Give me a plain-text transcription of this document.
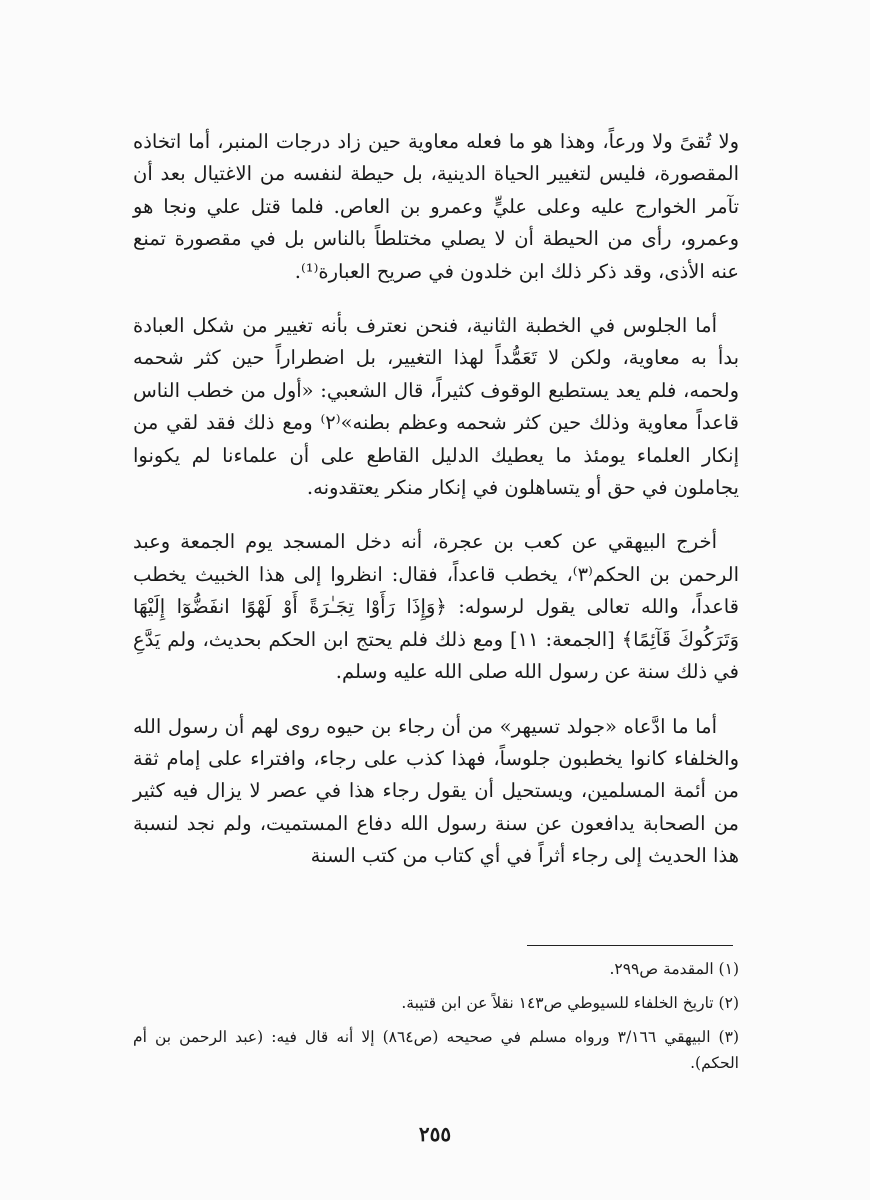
ولا تُقىً ولا ورعاً، وهذا هو ما فعله معاوية حين زاد درجات المنبر، أما اتخاذه المقصورة، فليس لتغيير الحياة الدينية، بل حيطة لنفسه من الاغتيال بعد أن تآمر الخوارج عليه وعلى عليٍّ وعمرو بن العاص. فلما قتل علي ونجا هو وعمرو، رأى من الحيطة أن لا يصلي مختلطاً بالناس بل في مقصورة تمنع عنه الأذى، وقد ذكر ذلك ابن خلدون في صريح العبارة⁽¹⁾.

أما الجلوس في الخطبة الثانية، فنحن نعترف بأنه تغيير من شكل العبادة بدأ به معاوية، ولكن لا تَعَمُّداً لهذا التغيير، بل اضطراراً حين كثر شحمه ولحمه، فلم يعد يستطيع الوقوف كثيراً، قال الشعبي: «أول من خطب الناس قاعداً معاوية وذلك حين كثر شحمه وعظم بطنه»⁽٢⁾ ومع ذلك فقد لقي من إنكار العلماء يومئذ ما يعطيك الدليل القاطع على أن علماءنا لم يكونوا يجاملون في حق أو يتساهلون في إنكار منكر يعتقدونه.

أخرج البيهقي عن كعب بن عجرة، أنه دخل المسجد يوم الجمعة وعبد الرحمن بن الحكم⁽٣⁾، يخطب قاعداً، فقال: انظروا إلى هذا الخبيث يخطب قاعداً، والله تعالى يقول لرسوله: ﴿وَإِذَا رَأَوْا تِجَـٰرَةً أَوْ لَهْوًا انفَضُّوٓا إِلَيْهَا وَتَرَكُوكَ قَآئِمًا﴾ [الجمعة: ١١] ومع ذلك فلم يحتج ابن الحكم بحديث، ولم يَدَّعِ في ذلك سنة عن رسول الله صلى الله عليه وسلم.

أما ما ادَّعاه «جولد تسيهر» من أن رجاء بن حيوه روى لهم أن رسول الله والخلفاء كانوا يخطبون جلوساً، فهذا كذب على رجاء، وافتراء على إمام ثقة من أئمة المسلمين، ويستحيل أن يقول رجاء هذا في عصر لا يزال فيه كثير من الصحابة يدافعون عن سنة رسول الله دفاع المستميت، ولم نجد لنسبة هذا الحديث إلى رجاء أثراً في أي كتاب من كتب السنة

(١) المقدمة ص٢٩٩.

(٢) تاريخ الخلفاء للسيوطي ص١٤٣ نقلاً عن ابن قتيبة.

(٣) البيهقي ٣/١٦٦ ورواه مسلم في صحيحه (ص٨٦٤) إلا أنه قال فيه: (عبد الرحمن بن أم الحكم).

٢٥٥
